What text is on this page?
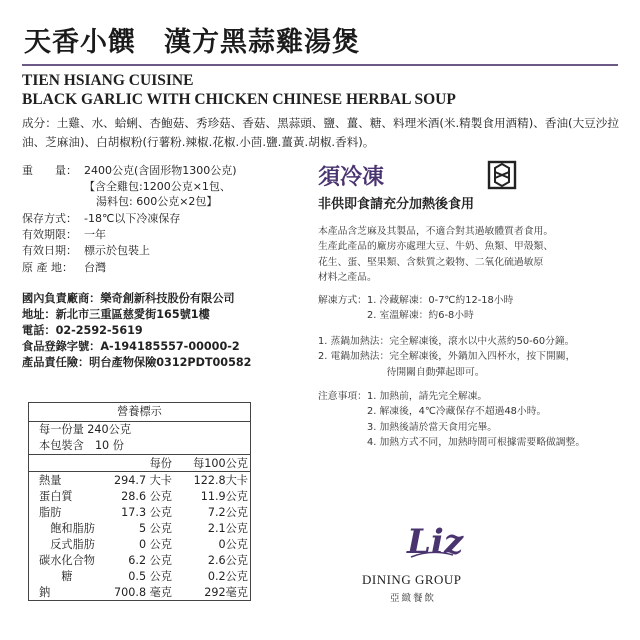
天香小饌　漢方黑蒜雞湯煲
TIEN HSIANG CUISINE
BLACK GARLIC WITH CHICKEN CHINESE HERBAL SOUP
成分：土雞、水、蛤蜊、杏鮑菇、秀珍菇、香菇、黑蒜頭、鹽、薑、糖、料理米酒(米.精製食用酒精)、香油(大豆沙拉油、芝麻油)、白胡椒粉(行薯粉.辣椒.花椒.小茴.鹽.薑黃.胡椒.香料)。
重　　量： 2400公克(含固形物1300公克)
【含全雞包:1200公克×1包、
湯料包: 600公克×2包】
保存方式： -18℃以下冷凍保存
有效期限： 一年
有效日期： 標示於包裝上
原 產 地： 台灣
國內負責廠商：樂奇創新科技股份有限公司
地址：新北市三重區慈愛街165號1樓
電話：02-2592-5619
食品登錄字號：A-194185557-00000-2
產品責任險：明台產物保險0312PDT00582
須冷凍
非供即食請充分加熱後食用
本產品含芝麻及其製品，不適合對其過敏體質者食用。
生產此產品的廠房亦處理大豆、牛奶、魚類、甲殼類、
花生、蛋、堅果類、含麩質之穀物、二氧化硫過敏原
材料之產品。
解凍方式：1. 冷藏解凍：0-7℃約12-18小時
　　　　　2. 室溫解凍：約6-8小時
1. 蒸鍋加熱法：完全解凍後，滾水以中火蒸約50-60分鐘。
2. 電鍋加熱法：完全解凍後，外鍋加入四杯水，按下開關，
　　　　　　　待開關自動彈起即可。
注意事項：1. 加熱前，請先完全解凍。
　　　　　2. 解凍後，4℃冷藏保存不超過48小時。
　　　　　3. 加熱後請於當天食用完畢。
　　　　　4. 加熱方式不同，加熱時間可根據需要略做調整。
營養標示
每一份量 240公克
本包裝含　10 份
	每份	每100公克
熱量	294.7 大卡	122.8大卡
蛋白質	28.6 公克	11.9公克
脂肪	17.3 公克	7.2公克
　飽和脂肪	5 公克	2.1公克
　反式脂肪	0 公克	0公克
碳水化合物	6.2 公克	2.6公克
　　糖	0.5 公克	0.2公克
鈉	700.8 毫克	292毫克
Liz
DINING GROUP
亞緻餐飲
